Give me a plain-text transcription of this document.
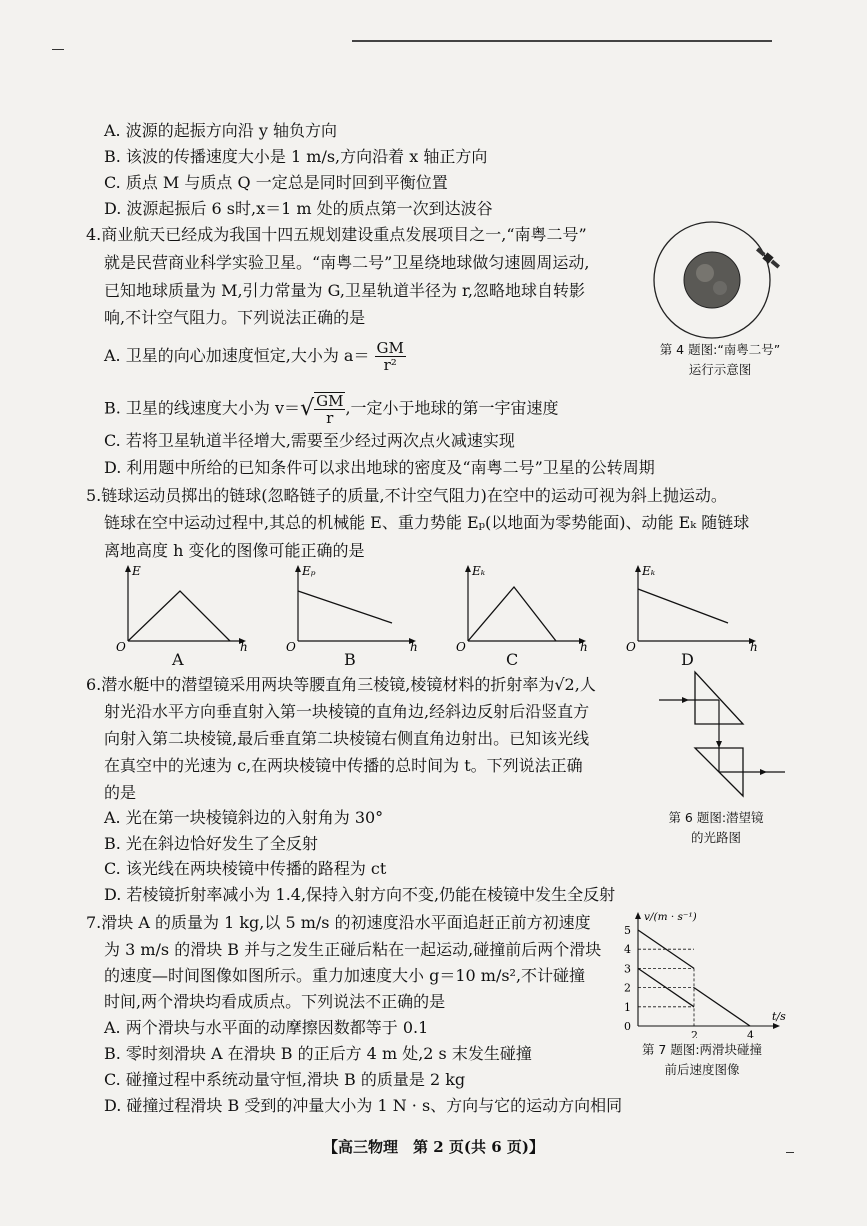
A. 波源的起振方向沿 y 轴负方向
B. 该波的传播速度大小是 1 m/s,方向沿着 x 轴正方向
C. 质点 M 与质点 Q 一定总是同时回到平衡位置
D. 波源起振后 6 s时,x＝1 m 处的质点第一次到达波谷
4.商业航天已经成为我国十四五规划建设重点发展项目之一,“南粤二号”
就是民营商业科学实验卫星。“南粤二号”卫星绕地球做匀速圆周运动,
已知地球质量为 M,引力常量为 G,卫星轨道半径为 r,忽略地球自转影
响,不计空气阻力。下列说法正确的是
A. 卫星的向心加速度恒定,大小为 $a= \frac{GM}{\text{r²}}$
B. 卫星的线速度大小为 $v=√ \frac{GM}{r}$ ,一定小于地球的第一宇宙速度
C. 若将卫星轨道半径增大,需要至少经过两次点火减速实现
D. 利用题中所给的已知条件可以求出地球的密度及“南粤二号”卫星的公转周期
第 4 题图:“南粤二号”
运行示意图
5.链球运动员掷出的链球(忽略链子的质量,不计空气阻力)在空中的运动可视为斜上抛运动。
链球在空中运动过程中,其总的机械能 E、重力势能 Eₚ(以地面为零势能面)、动能 Eₖ 随链球
离地高度 h 变化的图像可能正确的是
E
h
O
A
Eₚ
h
O
B
Eₖ
h
O
C
Eₖ
h
O
D
6.潜水艇中的潜望镜采用两块等腰直角三棱镜,棱镜材料的折射率为√2,人
射光沿水平方向垂直射入第一块棱镜的直角边,经斜边反射后沿竖直方
向射入第二块棱镜,最后垂直第二块棱镜右侧直角边射出。已知该光线
在真空中的光速为 c,在两块棱镜中传播的总时间为 t。下列说法正确
的是
A. 光在第一块棱镜斜边的入射角为 30°
B. 光在斜边恰好发生了全反射
C. 该光线在两块棱镜中传播的路程为 ct
D. 若棱镜折射率减小为 1.4,保持入射方向不变,仍能在棱镜中发生全反射
第 6 题图:潜望镜
的光路图
7.滑块 A 的质量为 1 kg,以 5 m/s 的初速度沿水平面追赶正前方初速度
为 3 m/s 的滑块 B 并与之发生正碰后粘在一起运动,碰撞前后两个滑块
的速度—时间图像如图所示。重力加速度大小 g＝10 m/s²,不计碰撞
时间,两个滑块均看成质点。下列说法不正确的是
A. 两个滑块与水平面的动摩擦因数都等于 0.1
B. 零时刻滑块 A 在滑块 B 的正后方 4 m 处,2 s 末发生碰撞
C. 碰撞过程中系统动量守恒,滑块 B 的质量是 2 kg
D. 碰撞过程滑块 B 受到的冲量大小为 1 N · s、方向与它的运动方向相同
v/(m · s⁻¹)
t/s
5
4
3
2
1
0
2	4
第 7 题图:两滑块碰撞
前后速度图像
【高三物理　第 2 页(共 6 页)】
